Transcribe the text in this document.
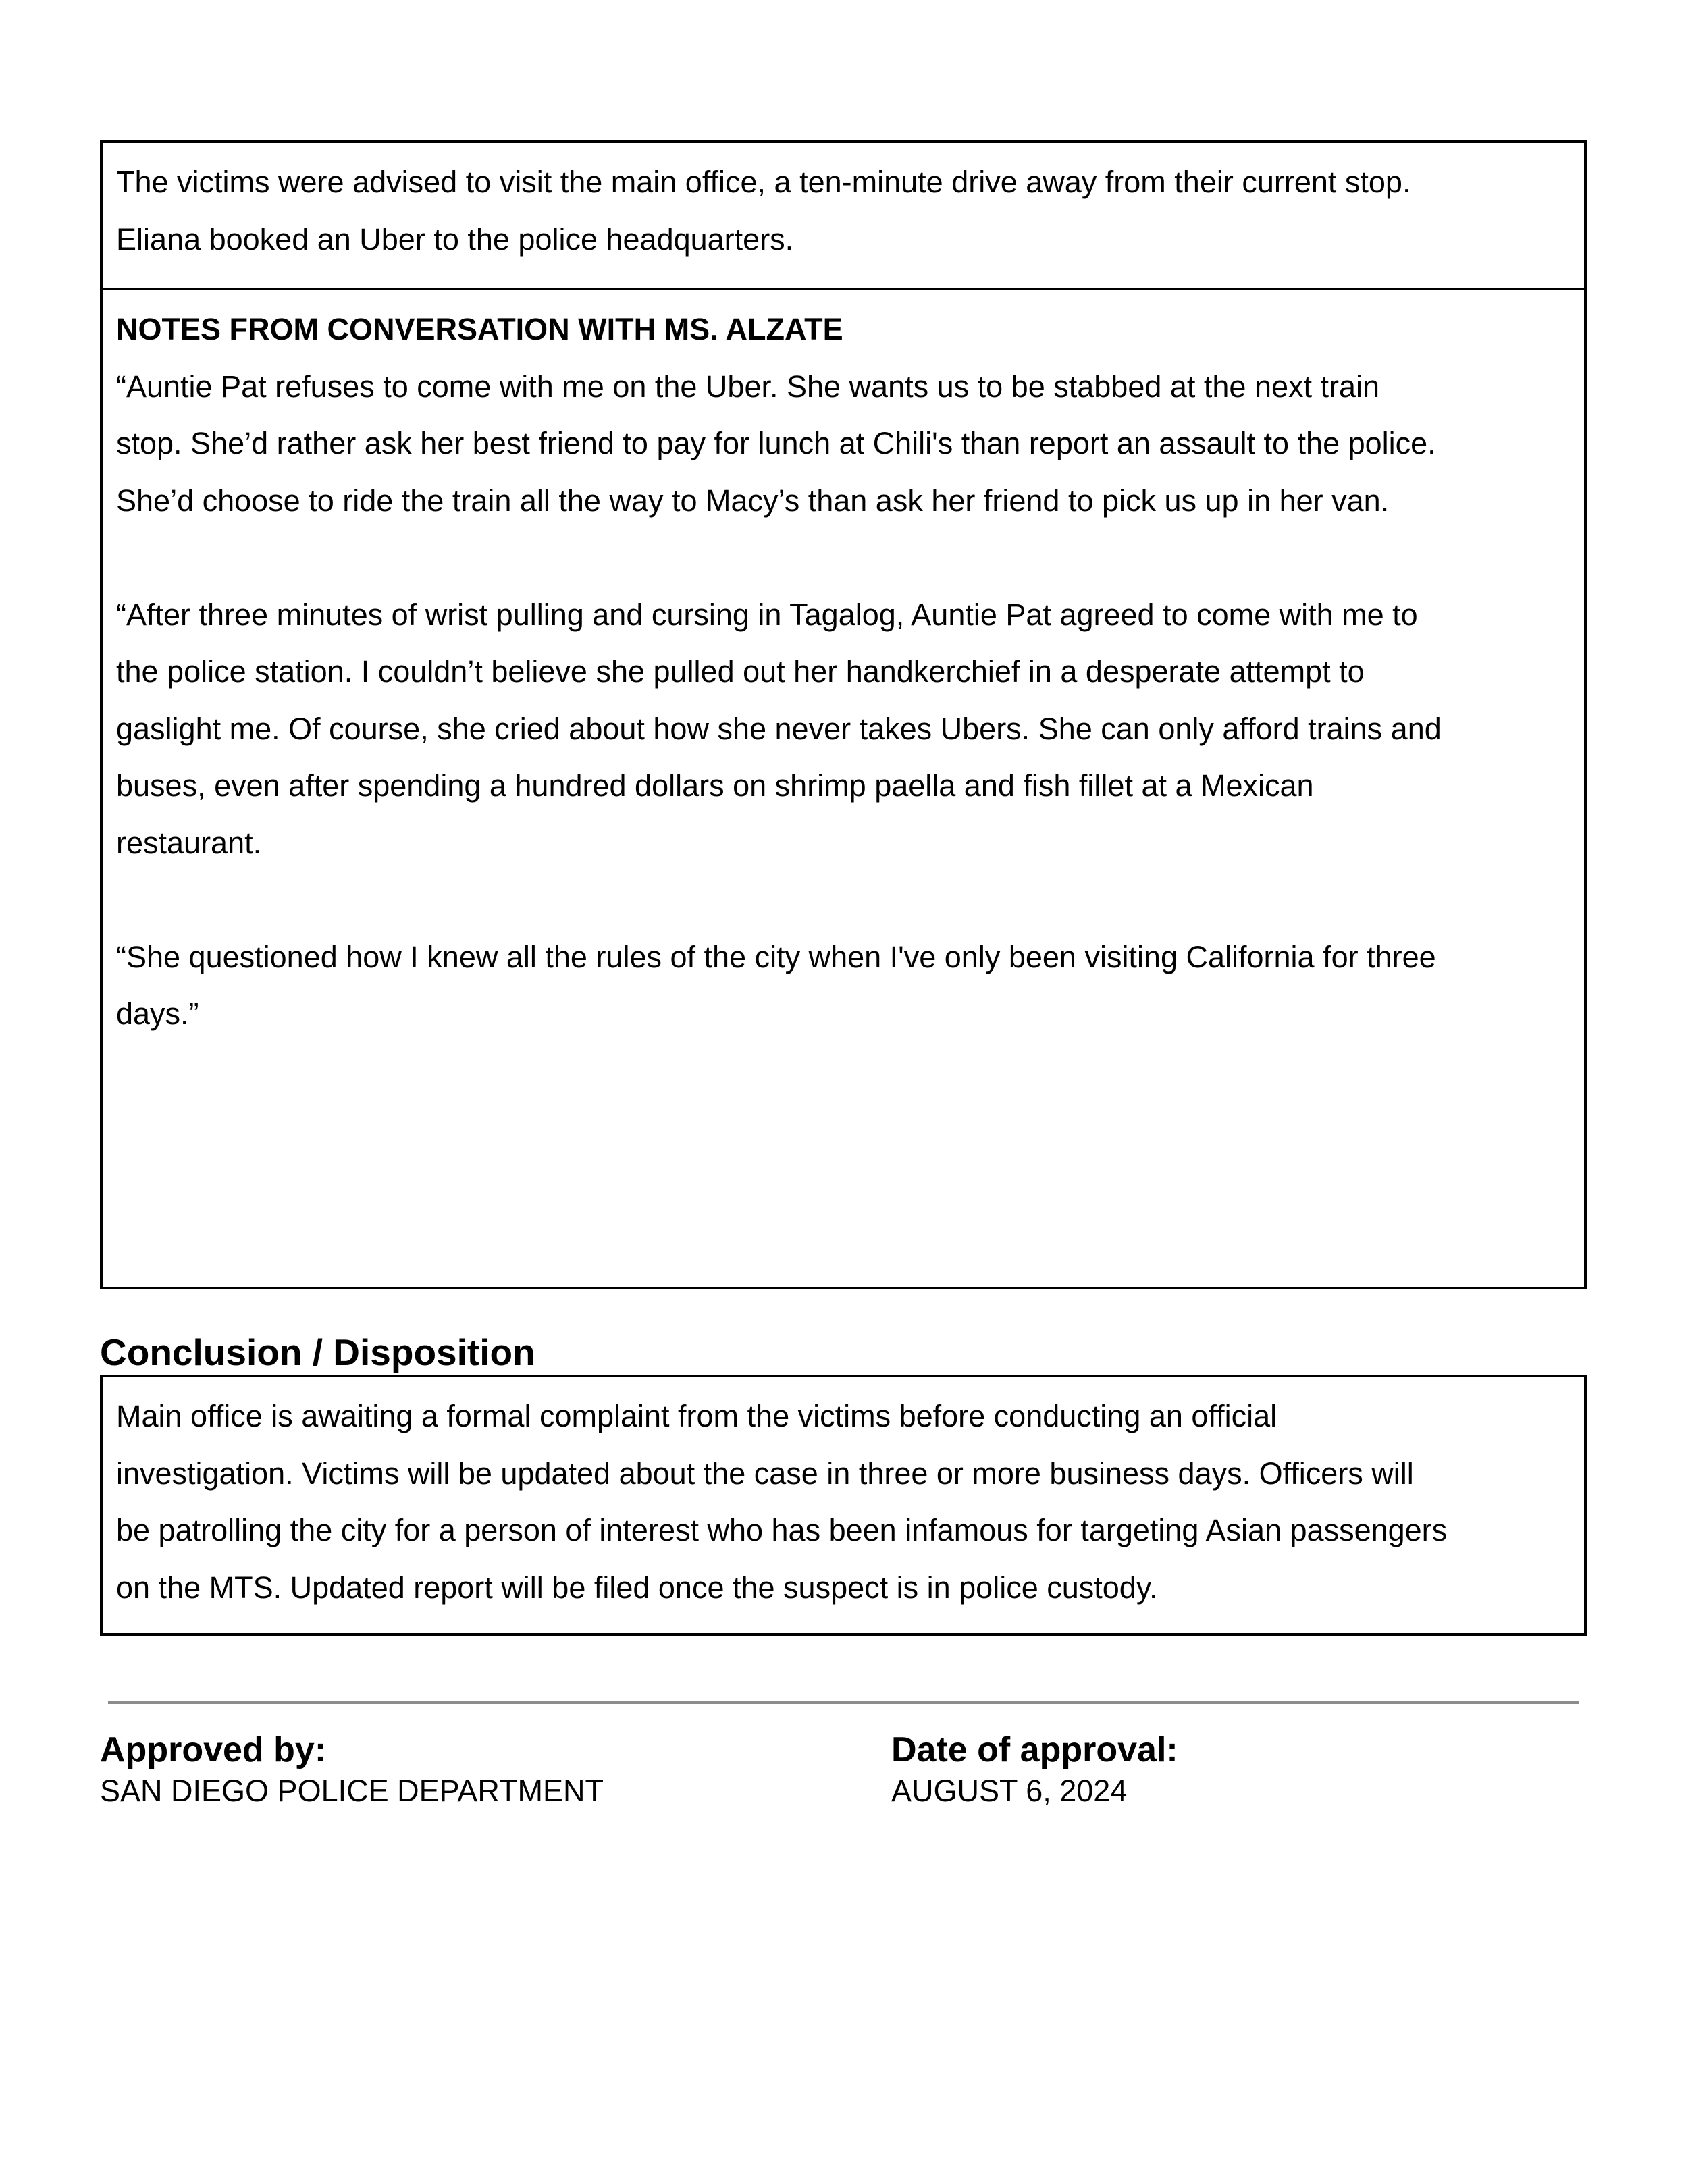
The victims were advised to visit the main office, a ten-minute drive away from their current stop.

Eliana booked an Uber to the police headquarters.

NOTES FROM CONVERSATION WITH MS. ALZATE

“Auntie Pat refuses to come with me on the Uber. She wants us to be stabbed at the next train

stop. She’d rather ask her best friend to pay for lunch at Chili's than report an assault to the police.

She’d choose to ride the train all the way to Macy’s than ask her friend to pick us up in her van.

“After three minutes of wrist pulling and cursing in Tagalog, Auntie Pat agreed to come with me to

the police station. I couldn’t believe she pulled out her handkerchief in a desperate attempt to

gaslight me. Of course, she cried about how she never takes Ubers. She can only afford trains and

buses, even after spending a hundred dollars on shrimp paella and fish fillet at a Mexican

restaurant.

“She questioned how I knew all the rules of the city when I've only been visiting California for three

days.”

Conclusion / Disposition

Main office is awaiting a formal complaint from the victims before conducting an official

investigation. Victims will be updated about the case in three or more business days. Officers will

be patrolling the city for a person of interest who has been infamous for targeting Asian passengers

on the MTS. Updated report will be filed once the suspect is in police custody.

Approved by:

SAN DIEGO POLICE DEPARTMENT

Date of approval:

AUGUST 6, 2024
